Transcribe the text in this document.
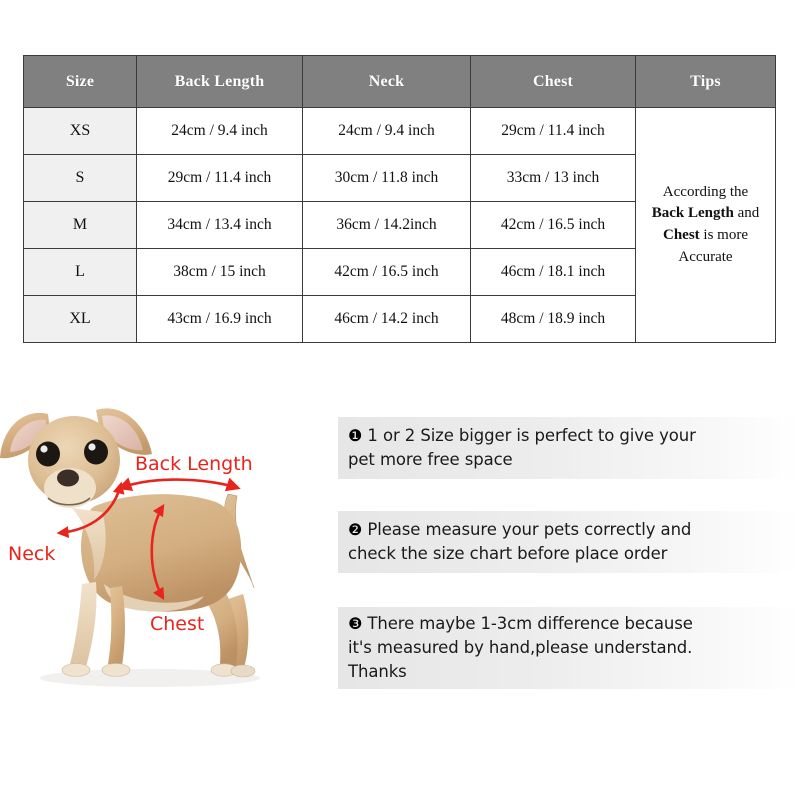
Size	Back Length	Neck	Chest	Tips
XS	24cm / 9.4 inch	24cm / 9.4 inch	29cm / 11.4 inch	According the
Back Length and
Chest is more
Accurate
S	29cm / 11.4 inch	30cm / 11.8 inch	33cm / 13 inch	
M	34cm / 13.4 inch	36cm / 14.2inch	42cm / 16.5 inch	
L	38cm / 15 inch	42cm / 16.5 inch	46cm / 18.1 inch	
XL	43cm / 16.9 inch	46cm / 14.2 inch	48cm / 18.9 inch	
Back Length
Neck
Chest
❶ 1 or 2 Size bigger is perfect to give your
pet more free space
❷ Please measure your pets correctly and
check the size chart before place order
❸ There maybe 1-3cm difference because
it's measured by hand,please understand.
Thanks
